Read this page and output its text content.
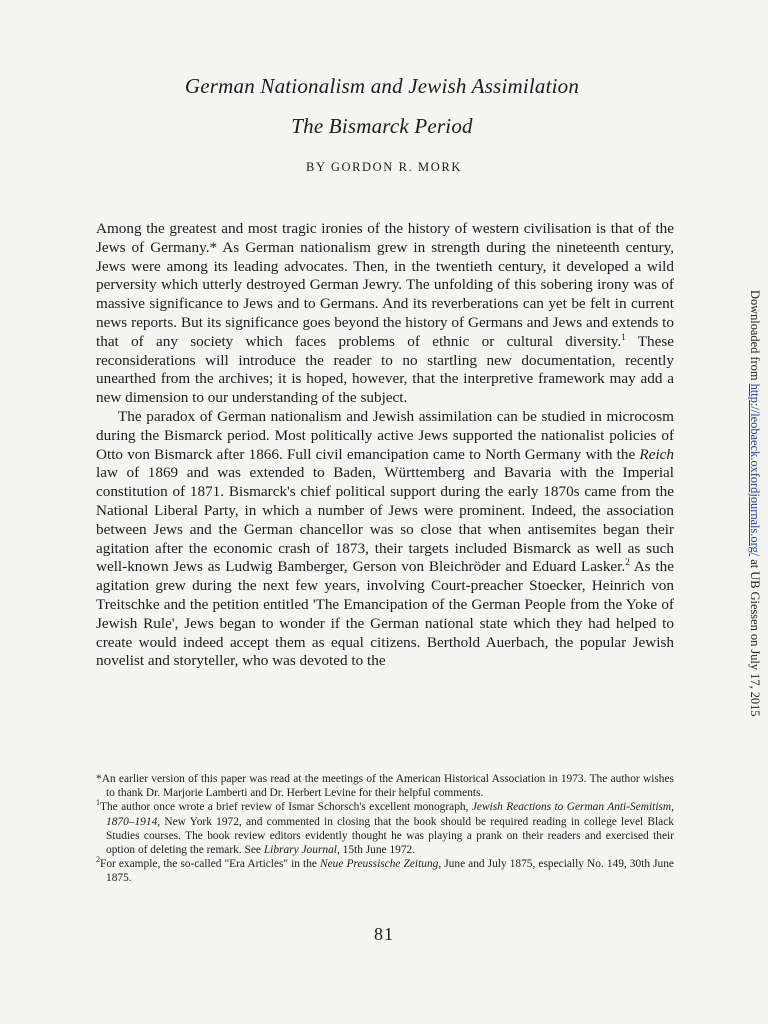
German Nationalism and Jewish Assimilation
The Bismarck Period
BY GORDON R. MORK

Among the greatest and most tragic ironies of the history of western civilisation is that of the Jews of Germany.* As German nationalism grew in strength during the nineteenth century, Jews were among its leading advocates. Then, in the twentieth century, it developed a wild perversity which utterly destroyed German Jewry. The unfolding of this sobering irony was of massive significance to Jews and to Germans. And its reverberations can yet be felt in current news reports. But its significance goes beyond the history of Germans and Jews and extends to that of any society which faces problems of ethnic or cultural diversity.$^1$ These reconsiderations will introduce the reader to no startling new documentation, recently unearthed from the archives; it is hoped, however, that the interpretive framework may add a new dimension to our understanding of the subject.

The paradox of German nationalism and Jewish assimilation can be studied in microcosm during the Bismarck period. Most politically active Jews supported the nationalist policies of Otto von Bismarck after 1866. Full civil emancipation came to North Germany with the Reich law of 1869 and was extended to Baden, Württemberg and Bavaria with the Imperial constitution of 1871. Bismarck's chief political support during the early 1870s came from the National Liberal Party, in which a number of Jews were prominent. Indeed, the association between Jews and the German chancellor was so close that when antisemites began their agitation after the economic crash of 1873, their targets included Bismarck as well as such well-known Jews as Ludwig Bamberger, Gerson von Bleichröder and Eduard Lasker.$^2$ As the agitation grew during the next few years, involving Court-preacher Stoecker, Heinrich von Treitschke and the petition entitled 'The Emancipation of the German People from the Yoke of Jewish Rule', Jews began to wonder if the German national state which they had helped to create would indeed accept them as equal citizens. Berthold Auerbach, the popular Jewish novelist and storyteller, who was devoted to the

*An earlier version of this paper was read at the meetings of the American Historical Association in 1973. The author wishes to thank Dr. Marjorie Lamberti and Dr. Herbert Levine for their helpful comments.

$^1$The author once wrote a brief review of Ismar Schorsch's excellent monograph, Jewish Reactions to German Anti-Semitism, 1870–1914, New York 1972, and commented in closing that the book should be required reading in college level Black Studies courses. The book review editors evidently thought he was playing a prank on their readers and exercised their option of deleting the remark. See Library Journal, 15th June 1972.

$^2$For example, the so-called "Era Articles" in the Neue Preussische Zeitung, June and July 1875, especially No. 149, 30th June 1875.

81
Downloaded from http://leobaeck.oxfordjournals.org/ at UB Giessen on July 17, 2015
